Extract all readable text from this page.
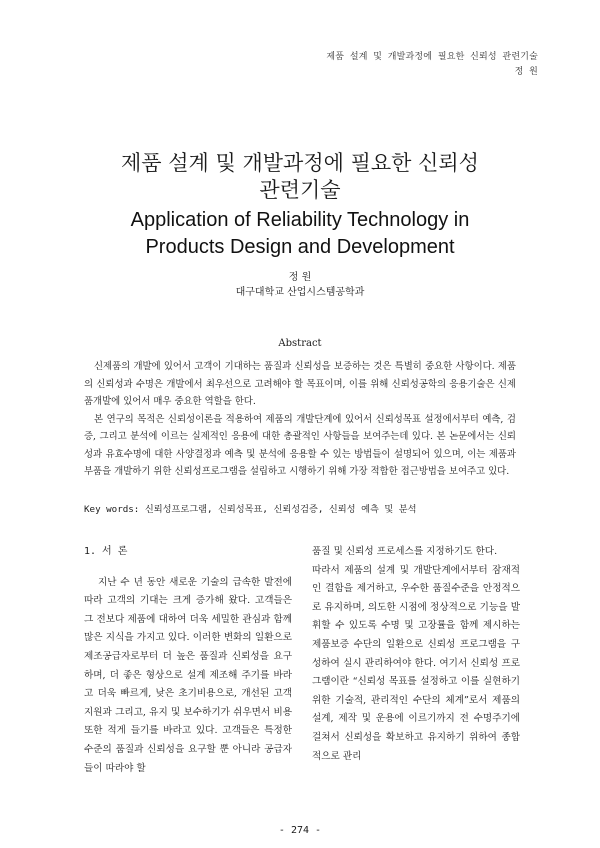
제품 설계 및 개발과정에 필요한 신뢰성 관련기술
정 원
제품 설계 및 개발과정에 필요한 신뢰성
관련기술
Application of Reliability Technology in
Products Design and Development
정 원
대구대학교 산업시스템공학과
Abstract

신제품의 개발에 있어서 고객이 기대하는 품질과 신뢰성을 보증하는 것은 특별히 중요한 사항이다. 제품의 신뢰성과 수명은 개발에서 최우선으로 고려해야 할 목표이며, 이를 위해 신뢰성공학의 응용기술은 신제품개발에 있어서 매우 중요한 역할을 한다.

본 연구의 목적은 신뢰성이론을 적용하여 제품의 개발단계에 있어서 신뢰성목표 설정에서부터 예측, 검증, 그리고 분석에 이르는 실제적인 응용에 대한 총괄적인 사항들을 보여주는데 있다. 본 논문에서는 신뢰성과 유효수명에 대한 사양결정과 예측 및 분석에 응용할 수 있는 방법들이 설명되어 있으며, 이는 제품과 부품을 개발하기 위한 신뢰성프로그램을 설립하고 시행하기 위해 가장 적합한 접근방법을 보여주고 있다.

Key words: 신뢰성프로그램, 신뢰성목표, 신뢰성검증, 신뢰성 예측 및 분석
1. 서 론

지난 수 년 동안 새로운 기술의 급속한 발전에 따라 고객의 기대는 크게 증가해 왔다. 고객들은 그 전보다 제품에 대하여 더욱 세밀한 관심과 함께 많은 지식을 가지고 있다. 이러한 변화의 일환으로 제조공급자로부터 더 높은 품질과 신뢰성을 요구하며, 더 좋은 형상으로 설계 제조해 주기를 바라고 더욱 빠르게, 낮은 초기비용으로, 개선된 고객지원과 그리고, 유지 및 보수하기가 쉬우면서 비용 또한 적게 들기를 바라고 있다. 고객들은 특정한 수준의 품질과 신뢰성을 요구할 뿐 아니라 공급자들이 따라야 할

품질 및 신뢰성 프로세스를 지정하기도 한다.

따라서 제품의 설계 및 개발단계에서부터 잠재적인 결함을 제거하고, 우수한 품질수준을 안정적으로 유지하며, 의도한 시점에 정상적으로 기능을 발휘할 수 있도록 수명 및 고장률을 함께 제시하는 제품보증 수단의 일환으로 신뢰성 프로그램을 구성하여 실시 관리하여야 한다. 여기서 신뢰성 프로그램이란 “신뢰성 목표를 설정하고 이를 실현하기 위한 기술적, 관리적인 수단의 체계”로서 제품의 설계, 제작 및 운용에 이르기까지 전 수명주기에 걸쳐서 신뢰성을 확보하고 유지하기 위하여 종합적으로 관리

- 274 -
